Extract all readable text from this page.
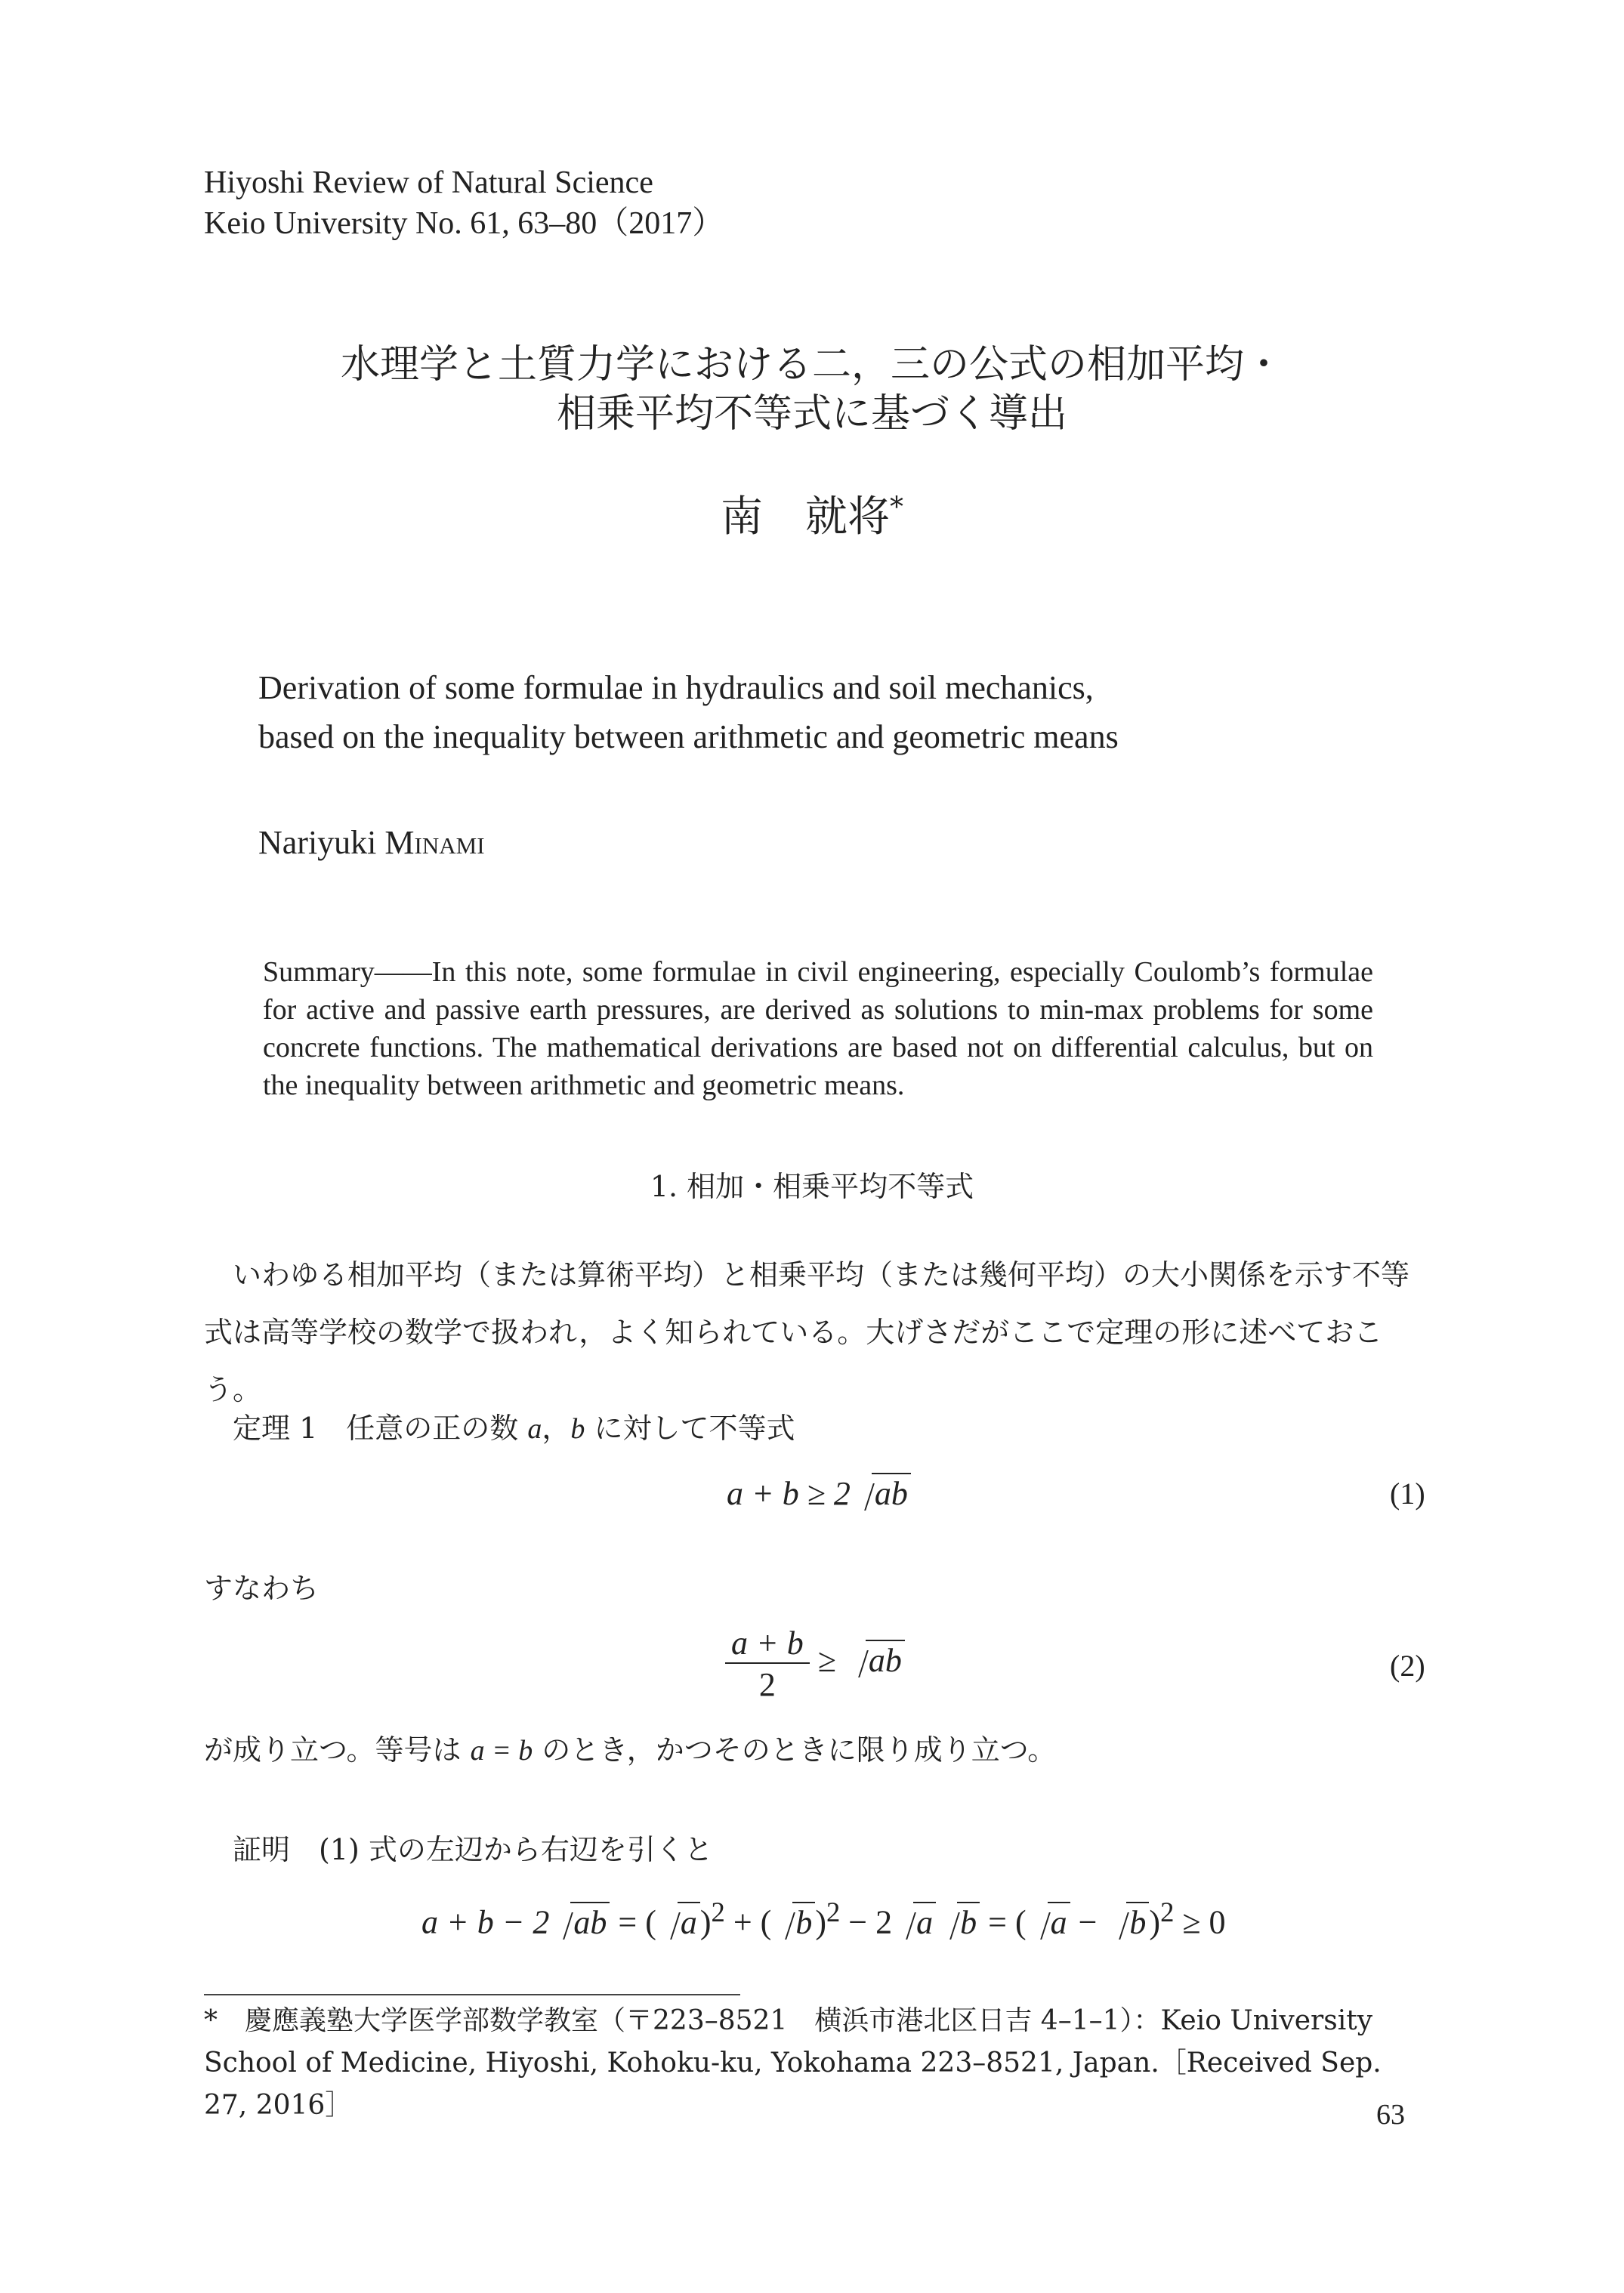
Hiyoshi Review of Natural Science
Keio University No. 61, 63–80（2017）
水理学と土質力学における二，三の公式の相加平均・
相乗平均不等式に基づく導出
南　就将*
Derivation of some formulae in hydraulics and soil mechanics,
based on the inequality between arithmetic and geometric means
Nariyuki Minami
Summary——In this note, some formulae in civil engineering, especially Coulomb’s formulae for active and passive earth pressures, are derived as solutions to min-max problems for some concrete functions. The mathematical derivations are based not on differential calculus, but on the inequality between arithmetic and geometric means.
1. 相加・相乗平均不等式
いわゆる相加平均（または算術平均）と相乗平均（または幾何平均）の大小関係を示す不等式は高等学校の数学で扱われ，よく知られている。大げさだがここで定理の形に述べておこう。
定理 1　任意の正の数 a，b に対して不等式
a + b ≥ 2 ab	(1)
すなわち
$\frac{a + b}{2}$ ≥ ab	(2)
が成り立つ。等号は a = b のとき，かつそのときに限り成り立つ。
証明　(1) 式の左辺から右辺を引くと
a + b − 2 ab = ( a)$^2$ + ( b)$^2$ − 2 a b = ( a − b)$^2$ ≥ 0
*　 慶應義塾大学医学部数学教室（〒223–8521　横浜市港北区日吉 4–1–1）：Keio University School of Medicine, Hiyoshi, Kohoku-ku, Yokohama 223–8521, Japan.［Received Sep. 27, 2016］	63
